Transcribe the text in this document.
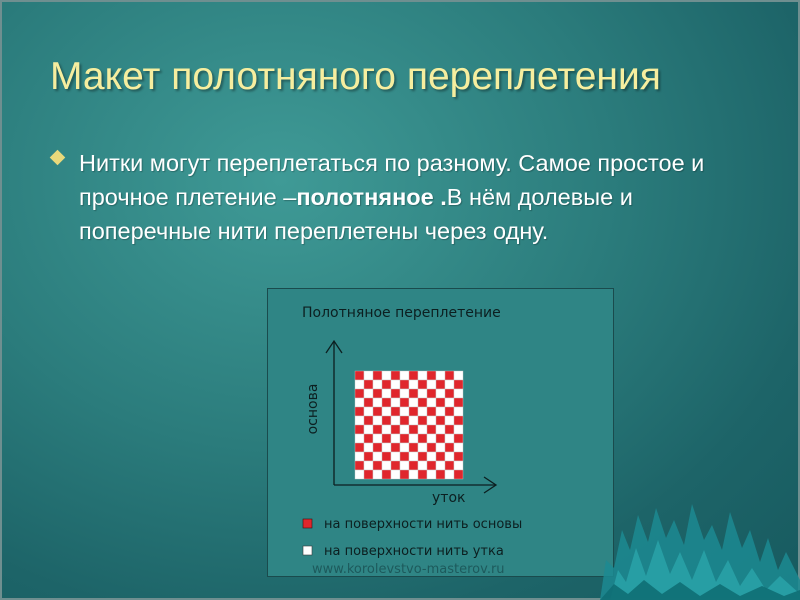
Макет полотняного переплетения
Нитки могут переплетаться по разному. Самое простое и прочное плетение –полотняное .В нём долевые и поперечные нити переплетены через одну.
Полотняное переплетение
основа
уток
на поверхности нить основы
на поверхности нить утка
www.korolevstvo-masterov.ru
